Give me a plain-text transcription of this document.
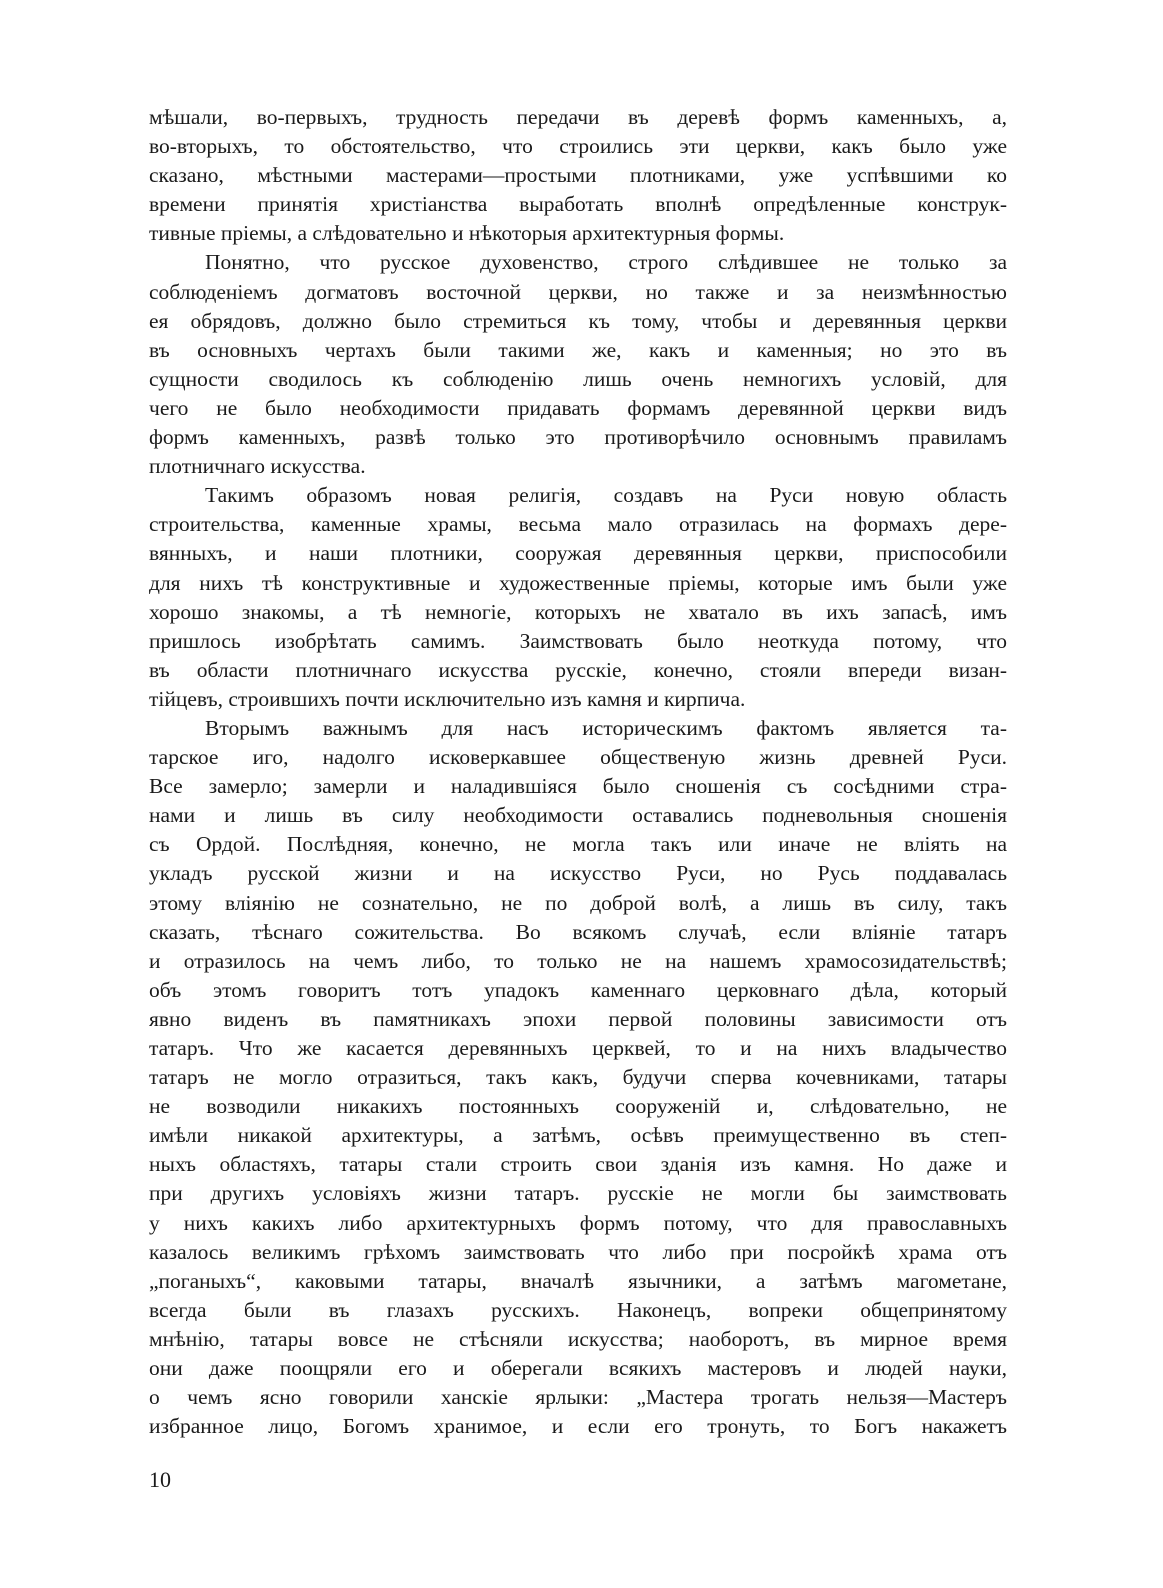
мѣшали, во-первыхъ, трудность передачи въ деревѣ формъ каменныхъ, а,
во-вторыхъ, то обстоятельство, что строились эти церкви, какъ было уже
сказано, мѣстными мастерами—простыми плотниками, уже успѣвшими ко
времени принятія христіанства выработать вполнѣ опредѣленные конструк-
тивные пріемы, а слѣдовательно и нѣкоторыя архитектурныя формы.
Понятно, что русское духовенство, строго слѣдившее не только за
соблюденіемъ догматовъ восточной церкви, но также и за неизмѣнностью
ея обрядовъ, должно было стремиться къ тому, чтобы и деревянныя церкви
въ основныхъ чертахъ были такими же, какъ и каменныя; но это въ
сущности сводилось къ соблюденію лишь очень немногихъ условій, для
чего не было необходимости придавать формамъ деревянной церкви видъ
формъ каменныхъ, развѣ только это противорѣчило основнымъ правиламъ
плотничнаго искусства.
Такимъ образомъ новая религія, создавъ на Руси новую область
строительства, каменные храмы, весьма мало отразилась на формахъ дере-
вянныхъ, и наши плотники, сооружая деревянныя церкви, приспособили
для нихъ тѣ конструктивные и художественные пріемы, которые имъ были уже
хорошо знакомы, а тѣ немногіе, которыхъ не хватало въ ихъ запасѣ, имъ
пришлось изобрѣтать самимъ. Заимствовать было неоткуда потому, что
въ области плотничнаго искусства русскіе, конечно, стояли впереди визан-
тійцевъ, строившихъ почти исключительно изъ камня и кирпича.
Вторымъ важнымъ для насъ историческимъ фактомъ является та-
тарское иго, надолго исковеркавшее общественую жизнь древней Руси.
Все замерло; замерли и наладившіяся было сношенія съ сосѣдними стра-
нами и лишь въ силу необходимости оставались подневольныя сношенія
съ Ордой. Послѣдняя, конечно, не могла такъ или иначе не вліять на
укладъ русской жизни и на искусство Руси, но Русь поддавалась
этому вліянію не сознательно, не по доброй волѣ, а лишь въ силу, такъ
сказать, тѣснаго сожительства. Во всякомъ случаѣ, если вліяніе татаръ
и отразилось на чемъ либо, то только не на нашемъ храмосозидательствѣ;
объ этомъ говоритъ тотъ упадокъ каменнаго церковнаго дѣла, который
явно виденъ въ памятникахъ эпохи первой половины зависимости отъ
татаръ. Что же касается деревянныхъ церквей, то и на нихъ владычество
татаръ не могло отразиться, такъ какъ, будучи сперва кочевниками, татары
не возводили никакихъ постоянныхъ сооруженій и, слѣдовательно, не
имѣли никакой архитектуры, а затѣмъ, осѣвъ преимущественно въ степ-
ныхъ областяхъ, татары стали строить свои зданія изъ камня. Но даже и
при другихъ условіяхъ жизни татаръ. русскіе не могли бы заимствовать
у нихъ какихъ либо архитектурныхъ формъ потому, что для православныхъ
казалось великимъ грѣхомъ заимствовать что либо при посройкѣ храма отъ
„поганыхъ“, каковыми татары, вначалѣ язычники, а затѣмъ магометане,
всегда были въ глазахъ русскихъ. Наконецъ, вопреки общепринятому
мнѣнію, татары вовсе не стѣсняли искусства; наоборотъ, въ мирное время
они даже поощряли его и оберегали всякихъ мастеровъ и людей науки,
о чемъ ясно говорили ханскіе ярлыки: „Мастера трогать нельзя—Мастеръ
избранное лицо, Богомъ хранимое, и если его тронуть, то Богъ накажетъ
10
